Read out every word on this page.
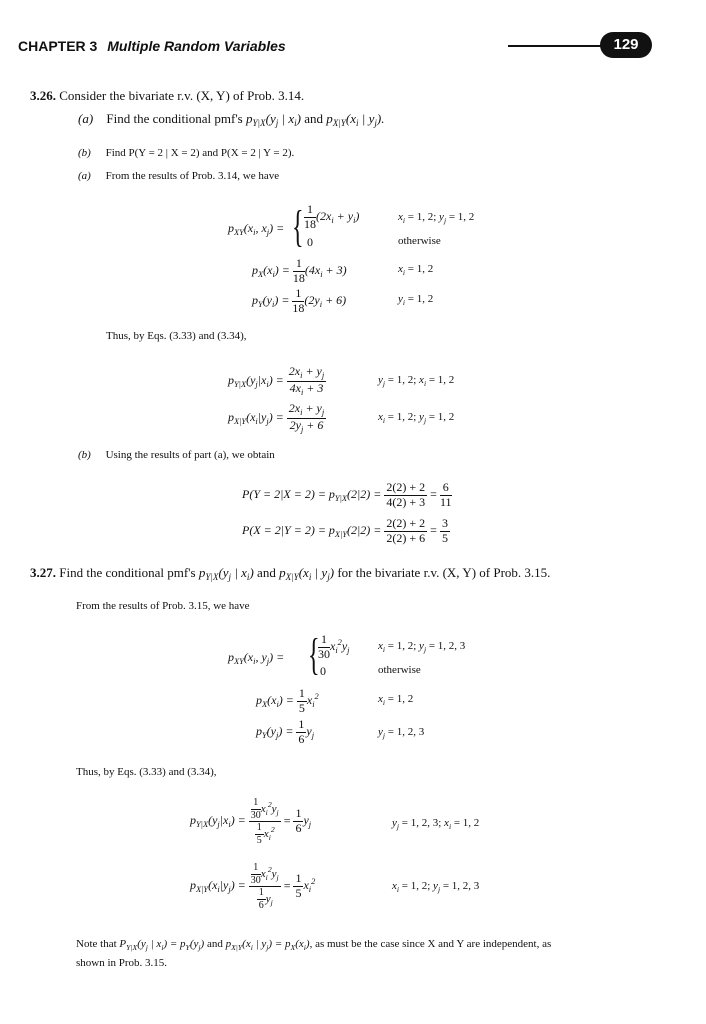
CHAPTER 3 Multiple Random Variables	129
3.26. Consider the bivariate r.v. (X, Y) of Prob. 3.14.
(a) Find the conditional pmf's $p_{Y|X}(y_j$ | $x_i$) and $p_{X|Y}(x_i$ | $y_j$).
(b) Find P(Y = 2 | X = 2) and P(X = 2 | Y = 2).
(a) From the results of Prob. 3.14, we have
$p_{XY}(x_i$, $x_j$) = { $\frac{1}{18} (2x_i + y_i)$	$x_i = 1$, 2; $y_j = 1$, 2
0	otherwise
$p_X(x_i) = \frac{1}{18} (4x_i + 3)$	$x_i = 1$, 2
$p_Y(y_i) = \frac{1}{18} (2y_i + 6)$	$y_i = 1$, 2
Thus, by Eqs. (3.33) and (3.34),
$p_{Y|X}(y_j|x_i) = \frac{2x_i + y_j}{4x_i + 3}$	$y_j = 1$, 2; $x_i = 1$, 2
$p_{X|Y}(x_i|y_j) = \frac{2x_i + y_j}{2y_j + 6}$	$x_i = 1$, 2; $y_j = 1$, 2
(b) Using the results of part (a), we obtain
$P(Y = 2|X = 2) = p_{Y|X}(2|2) = \frac{2(2) + 2}{4(2) + 3} = \frac{6}{11}$
$P(X = 2|Y = 2) = p_{X|Y}(2|2) = \frac{2(2) + 2}{2(2) + 6} = \frac{3}{5}$
3.27. Find the conditional pmf's $p_{Y|X}(y_j$ | $x_i$) and $p_{X|Y}(x_i$ | $y_j$) for the bivariate r.v. (X, Y) of Prob. 3.15.
From the results of Prob. 3.15, we have
$p_{XY}(x_i$, $y_j$) = {
$\frac{1}{30} x_i^2y_j$	$x_i = 1$, 2; $y_j = 1$, 2, 3
0	otherwise
$p_X(x_i) = \frac{1}{5} x_i^2$	$x_i = 1$, 2
$p_Y(y_j) = \frac{1}{6} y_j$	$y_j = 1$, 2, 3
Thus, by Eqs. (3.33) and (3.34),
$p_{Y|X}(y_j|x_i) = \frac{\frac{1}{30} x_i^2y_j}{\frac{1}{5} x_i^2} = \frac{1}{6} y_j$	$y_j = 1$, 2, 3; $x_i = 1$, 2
$p_{X|Y}(x_i|y_j) = \frac{\frac{1}{30} x_i^2y_j}{\frac{1}{6} y_j} = \frac{1}{5} x_i^2$	$x_i = 1$, 2; $y_j = 1$, 2, 3
Note that $P_{Y|X}(y_j$ | $x_i) = p_Y(y_j)$ and $p_{X|Y}(x_i$ | $y_j) = p_X(x_i)$, as must be the case since X and Y are independent, as
shown in Prob. 3.15.
